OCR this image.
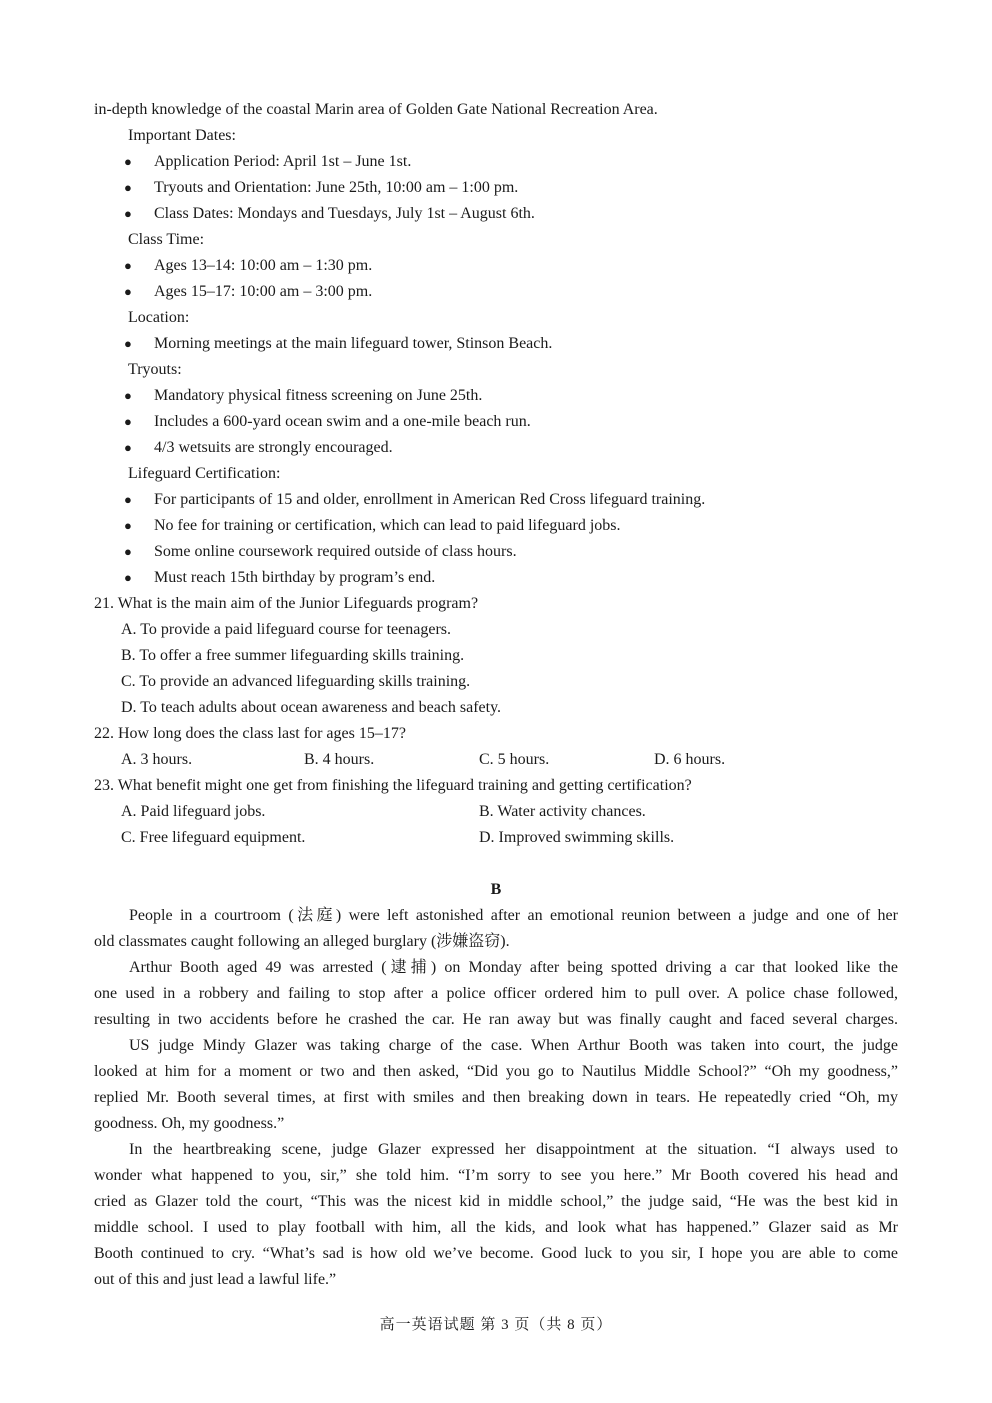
in-depth knowledge of the coastal Marin area of Golden Gate National Recreation Area.
Important Dates:
● Application Period: April 1st – June 1st.
● Tryouts and Orientation: June 25th, 10:00 am – 1:00 pm.
● Class Dates: Mondays and Tuesdays, July 1st – August 6th.
Class Time:
● Ages 13–14: 10:00 am – 1:30 pm.
● Ages 15–17: 10:00 am – 3:00 pm.
Location:
● Morning meetings at the main lifeguard tower, Stinson Beach.
Tryouts:
● Mandatory physical fitness screening on June 25th.
● Includes a 600-yard ocean swim and a one-mile beach run.
● 4/3 wetsuits are strongly encouraged.
Lifeguard Certification:
● For participants of 15 and older, enrollment in American Red Cross lifeguard training.
● No fee for training or certification, which can lead to paid lifeguard jobs.
● Some online coursework required outside of class hours.
● Must reach 15th birthday by program’s end.
21. What is the main aim of the Junior Lifeguards program?
A. To provide a paid lifeguard course for teenagers.
B. To offer a free summer lifeguarding skills training.
C. To provide an advanced lifeguarding skills training.
D. To teach adults about ocean awareness and beach safety.
22. How long does the class last for ages 15–17?
A. 3 hours.	B. 4 hours.	C. 5 hours.	D. 6 hours.
23. What benefit might one get from finishing the lifeguard training and getting certification?
A. Paid lifeguard jobs.	B. Water activity chances.
C. Free lifeguard equipment.	D. Improved swimming skills.
B
People in a courtroom (法庭) were left astonished after an emotional reunion between a judge and one of her
old classmates caught following an alleged burglary (涉嫌盗窃).
Arthur Booth aged 49 was arrested (逮捕) on Monday after being spotted driving a car that looked like the
one used in a robbery and failing to stop after a police officer ordered him to pull over. A police chase followed,
resulting in two accidents before he crashed the car. He ran away but was finally caught and faced several charges.
US judge Mindy Glazer was taking charge of the case. When Arthur Booth was taken into court, the judge
looked at him for a moment or two and then asked, “Did you go to Nautilus Middle School?” “Oh my goodness,”
replied Mr. Booth several times, at first with smiles and then breaking down in tears. He repeatedly cried “Oh, my
goodness. Oh, my goodness.”
In the heartbreaking scene, judge Glazer expressed her disappointment at the situation. “I always used to
wonder what happened to you, sir,” she told him. “I’m sorry to see you here.” Mr Booth covered his head and
cried as Glazer told the court, “This was the nicest kid in middle school,” the judge said, “He was the best kid in
middle school. I used to play football with him, all the kids, and look what has happened.” Glazer said as Mr
Booth continued to cry. “What’s sad is how old we’ve become. Good luck to you sir, I hope you are able to come
out of this and just lead a lawful life.”
高一英语试题 第 3 页（共 8 页）
